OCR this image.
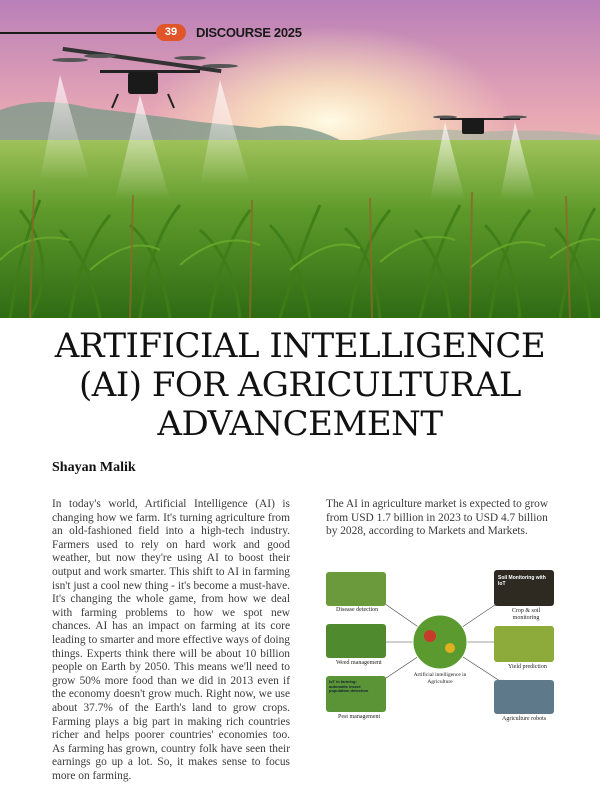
39	DISCOURSE 2025
ARTIFICIAL INTELLIGENCE
(AI) FOR AGRICULTURAL
ADVANCEMENT
Shayan Malik

In today's world, Artificial Intelligence (AI) is changing how we farm. It's turning agriculture from an old-fashioned field into a high-tech industry. Farmers used to rely on hard work and good weather, but now they're using AI to boost their output and work smarter. This shift to AI in farming isn't just a cool new thing - it's become a must-have. It's changing the whole game, from how we deal with farming problems to how we spot new chances. AI has an impact on farming at its core leading to smarter and more effective ways of doing things. Experts think there will be about 10 billion people on Earth by 2050. This means we'll need to grow 50% more food than we did in 2013 even if the economy doesn't grow much. Right now, we use about 37.7% of the Earth's land to grow crops. Farming plays a big part in making rich countries richer and helps poorer countries' economies too. As farming has grown, country folk have seen their earnings go up a lot. So, it makes sense to focus more on farming.

The AI in agriculture market is expected to grow from USD 1.7 billion in 2023 to USD 4.7 billion by 2028, according to Markets and Markets.

Soil Monitoring with IoT
IoT in farming: automatic insect population detection
Disease detection
Weed management
Pest management
Crop & soil monitoring
Yield prediction
Agriculture robots
Artificial intelligence in Agriculture
